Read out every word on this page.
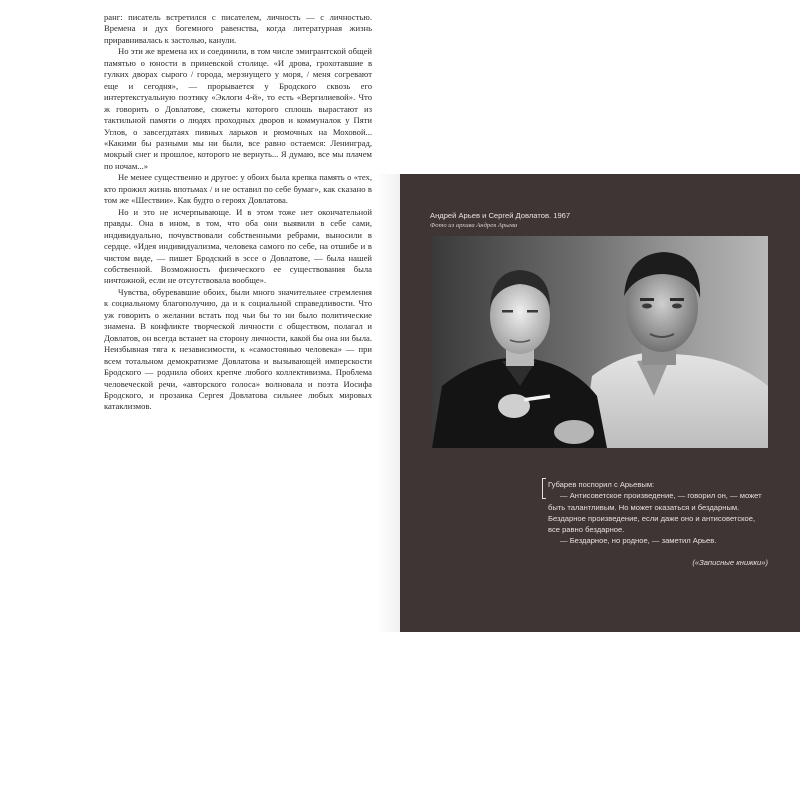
ранг: писатель встретился с писателем, личность — с личностью. Времена и дух богемного равенства, когда литературная жизнь приравнивалась к застолью, канули.

Но эти же времена их и соединили, в том числе эмигрантской общей памятью о юности в приневской столице. «И дрова, грохотавшие в гулких дворах сырого / города, мерзнущего у моря, / меня согревают еще и сегодня», — прорывается у Бродского сквозь его интертекстуальную поэтику «Эклоги 4-й», то есть «Вергилиевой». Что ж говорить о Довлатове, сюжеты которого сплошь вырастают из тактильной памяти о людях проходных дворов и коммуналок у Пяти Углов, о завсегдатаях пивных ларьков и рюмочных на Моховой... «Какими бы разными мы ни были, все равно остаемся: Ленинград, мокрый снег и прошлое, которого не вернуть... Я думаю, все мы плачем по ночам...»

Не менее существенно и другое: у обоих была крепка память о «тех, кто прожил жизнь впотьмах / и не оставил по себе бумаг», как сказано в том же «Шествии». Как будто о героях Довлатова.

Но и это не исчерпывающе. И в этом тоже нет окончательной правды. Она в ином, в том, что оба они выявили в себе сами, индивидуально, почувствовали собственными ребрами, выносили в сердце. «Идея индивидуализма, человека самого по себе, на отшибе и в чистом виде, — пишет Бродский в эссе о Довлатове, — была нашей собственной. Возможность физического ее существования была ничтожной, если не отсутствовала вообще».

Чувства, обуревавшие обоих, были много значительнее стремления к социальному благополучию, да и к социальной справедливости. Что уж говорить о желании встать под чьи бы то ни было политические знамена. В конфликте творческой личности с обществом, полагал и Довлатов, он всегда встанет на сторону личности, какой бы она ни была. Неизбывная тяга к независимости, к «самостоянью человека» — при всем тотальном демократизме Довлатова и вызывающей имперскости Бродского — роднила обоих крепче любого коллективизма. Проблема человеческой речи, «авторского голоса» волновала и поэта Иосифа Бродского, и прозаика Сергея Довлатова сильнее любых мировых катаклизмов.

Андрей Арьев и Сергей Довлатов. 1967
Фото из архива Андрея Арьева

Губарев поспорил с Арьевым:

— Антисоветское произведение, — говорил он, — может быть талантливым. Но может оказаться и бездарным. Бездарное произведение, если даже оно и антисоветское, все равно бездарное.

— Бездарное, но родное, — заметил Арьев.

(«Записные книжки»)
